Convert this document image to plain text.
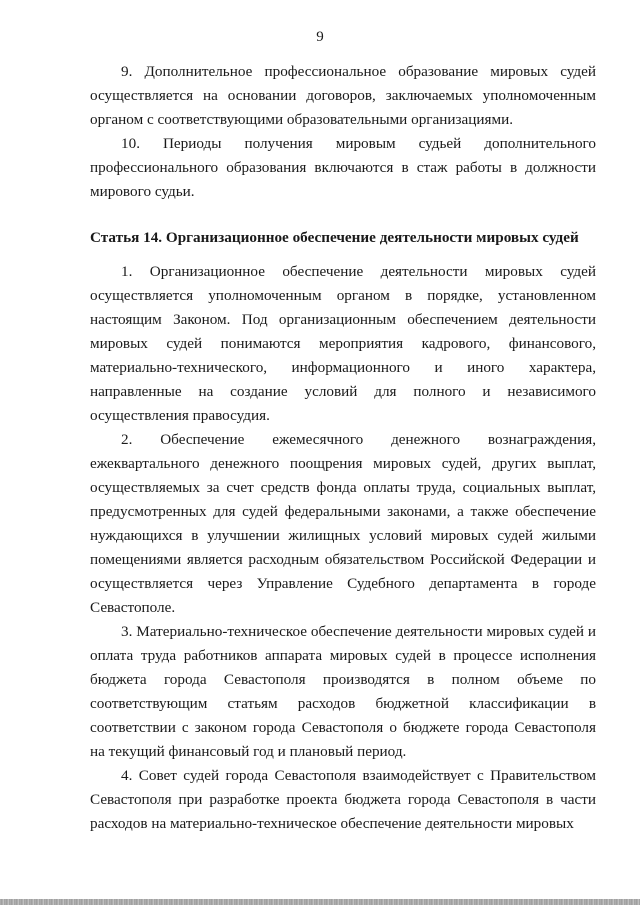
9

9. Дополнительное профессиональное образование мировых судей осуществляется на основании договоров, заключаемых уполномоченным органом с соответствующими образовательными организациями.

10. Периоды получения мировым судьей дополнительного профессионального образования включаются в стаж работы в должности мирового судьи.

Статья 14. Организационное обеспечение деятельности мировых судей

1. Организационное обеспечение деятельности мировых судей осуществляется уполномоченным органом в порядке, установленном настоящим Законом. Под организационным обеспечением деятельности мировых судей понимаются мероприятия кадрового, финансового, материально-технического, информационного и иного характера, направленные на создание условий для полного и независимого осуществления правосудия.

2. Обеспечение ежемесячного денежного вознаграждения, ежеквартального денежного поощрения мировых судей, других выплат, осуществляемых за счет средств фонда оплаты труда, социальных выплат, предусмотренных для судей федеральными законами, а также обеспечение нуждающихся в улучшении жилищных условий мировых судей жилыми помещениями является расходным обязательством Российской Федерации и осуществляется через Управление Судебного департамента в городе Севастополе.

3. Материально-техническое обеспечение деятельности мировых судей и оплата труда работников аппарата мировых судей в процессе исполнения бюджета города Севастополя производятся в полном объеме по соответствующим статьям расходов бюджетной классификации в соответствии с законом города Севастополя о бюджете города Севастополя на текущий финансовый год и плановый период.

4. Совет судей города Севастополя взаимодействует с Правительством Севастополя при разработке проекта бюджета города Севастополя в части расходов на материально-техническое обеспечение деятельности мировых
